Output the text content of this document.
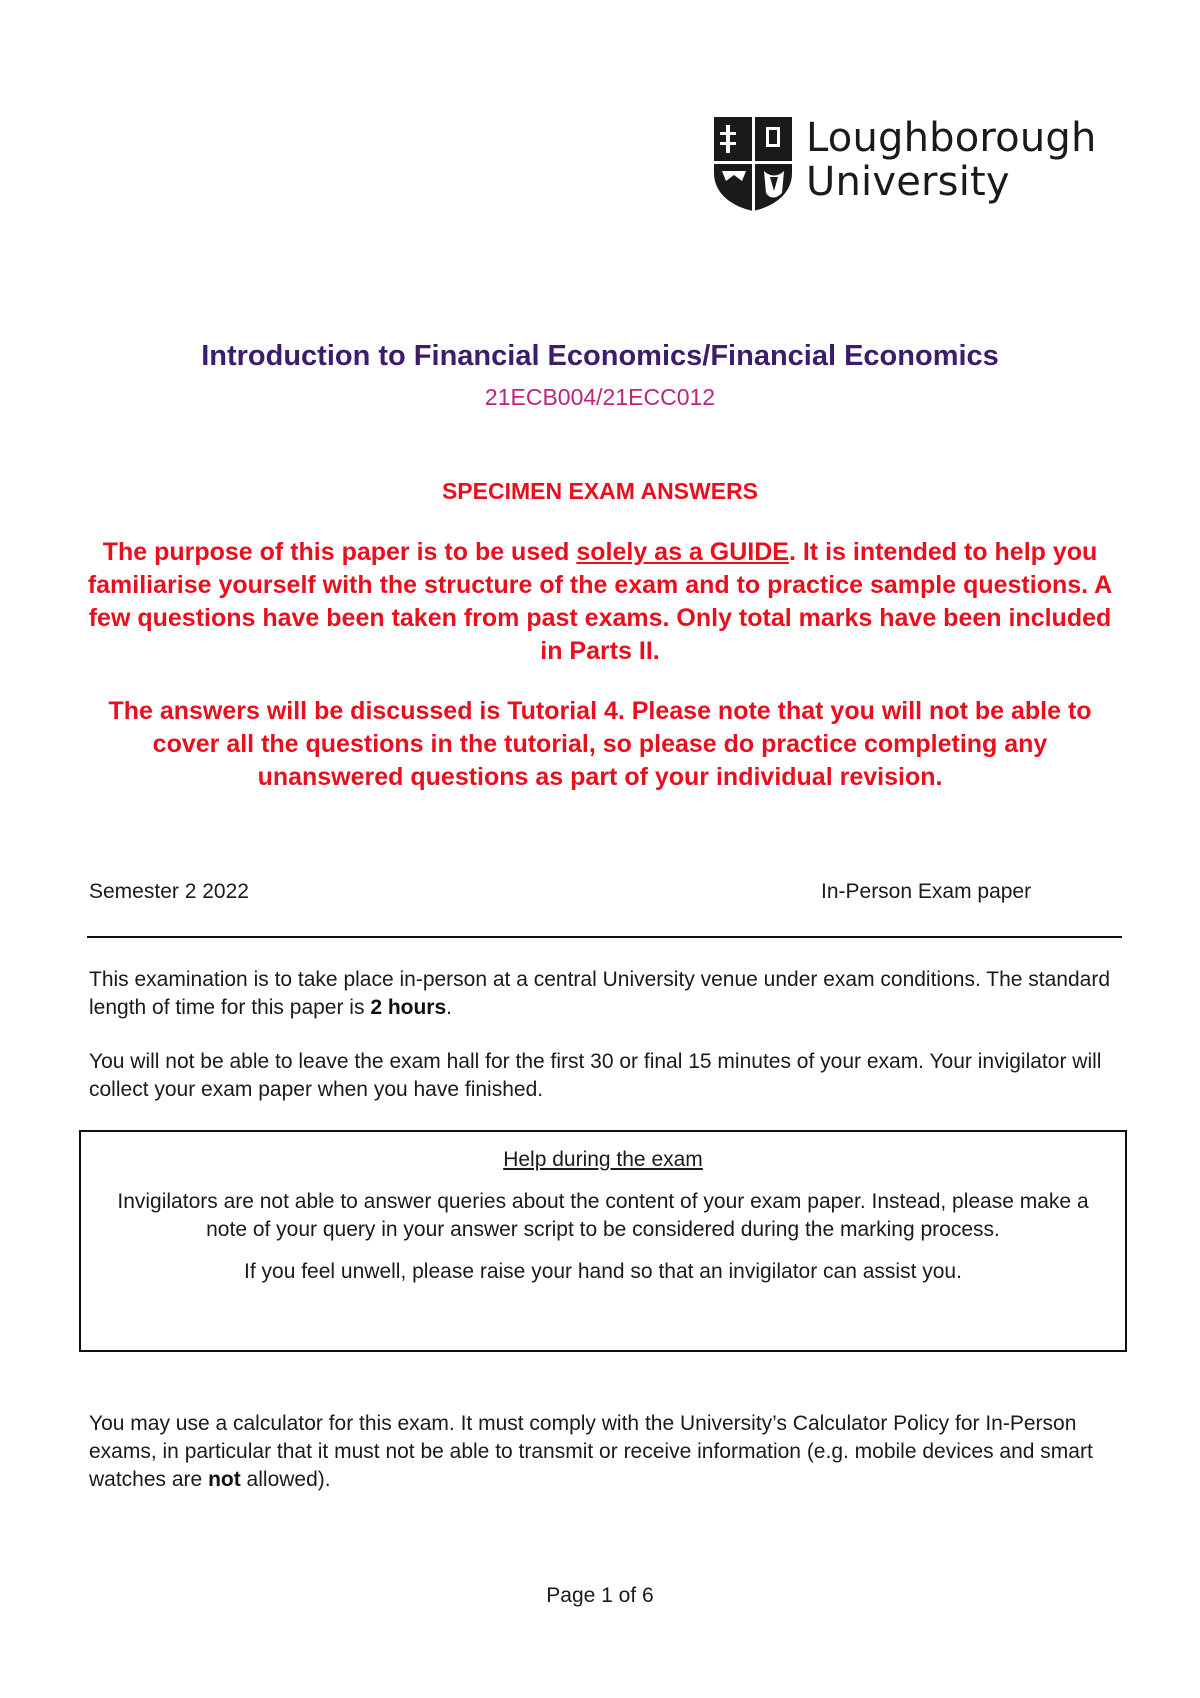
Loughborough
University
Introduction to Financial Economics/Financial Economics
21ECB004/21ECC012
SPECIMEN EXAM ANSWERS
The purpose of this paper is to be used solely as a GUIDE. It is intended to help you familiarise yourself with the structure of the exam and to practice sample questions. A few questions have been taken from past exams. Only total marks have been included in Parts II.
The answers will be discussed is Tutorial 4. Please note that you will not be able to cover all the questions in the tutorial, so please do practice completing any unanswered questions as part of your individual revision.
Semester 2 2022	In-Person Exam paper
This examination is to take place in-person at a central University venue under exam conditions. The standard length of time for this paper is 2 hours.
You will not be able to leave the exam hall for the first 30 or final 15 minutes of your exam. Your invigilator will collect your exam paper when you have finished.
Help during the exam
Invigilators are not able to answer queries about the content of your exam paper. Instead, please make a note of your query in your answer script to be considered during the marking process.
If you feel unwell, please raise your hand so that an invigilator can assist you.
You may use a calculator for this exam. It must comply with the University’s Calculator Policy for In-Person exams, in particular that it must not be able to transmit or receive information (e.g. mobile devices and smart watches are not allowed).
Page 1 of 6
